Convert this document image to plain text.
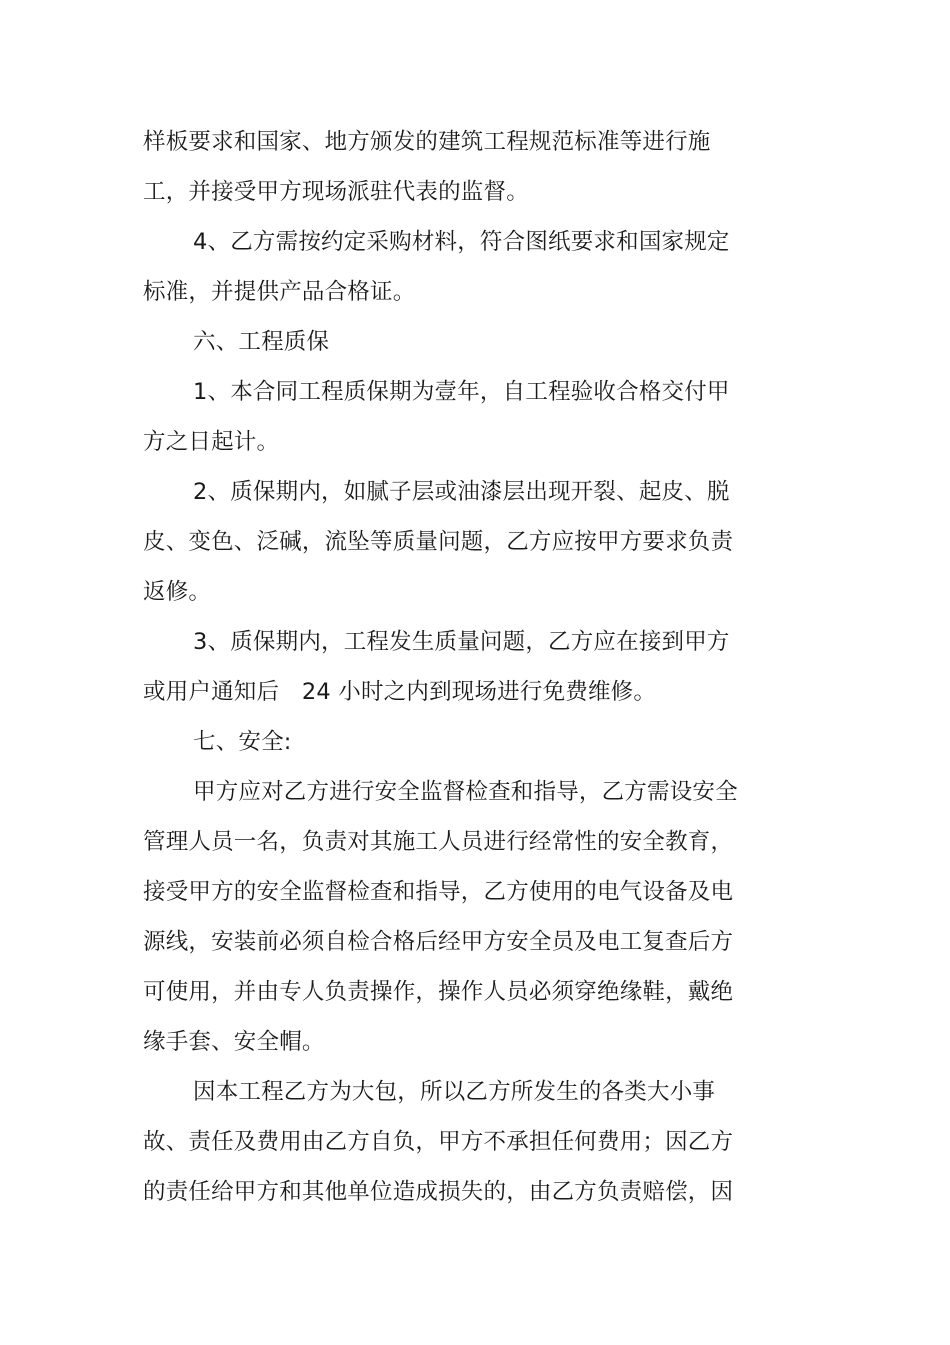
样板要求和国家、地方颁发的建筑工程规范标准等进行施
工，并接受甲方现场派驻代表的监督。
4、乙方需按约定采购材料，符合图纸要求和国家规定
标准，并提供产品合格证。
六、工程质保
1、本合同工程质保期为壹年，自工程验收合格交付甲
方之日起计。
2、质保期内，如腻子层或油漆层出现开裂、起皮、脱
皮、变色、泛碱，流坠等质量问题，乙方应按甲方要求负责
返修。
3、质保期内，工程发生质量问题，乙方应在接到甲方
或用户通知后　24 小时之内到现场进行免费维修。
七、安全:
甲方应对乙方进行安全监督检查和指导，乙方需设安全
管理人员一名，负责对其施工人员进行经常性的安全教育，
接受甲方的安全监督检查和指导，乙方使用的电气设备及电
源线，安装前必须自检合格后经甲方安全员及电工复查后方
可使用，并由专人负责操作，操作人员必须穿绝缘鞋，戴绝
缘手套、安全帽。
因本工程乙方为大包，所以乙方所发生的各类大小事
故、责任及费用由乙方自负，甲方不承担任何费用；因乙方
的责任给甲方和其他单位造成损失的，由乙方负责赔偿，因
